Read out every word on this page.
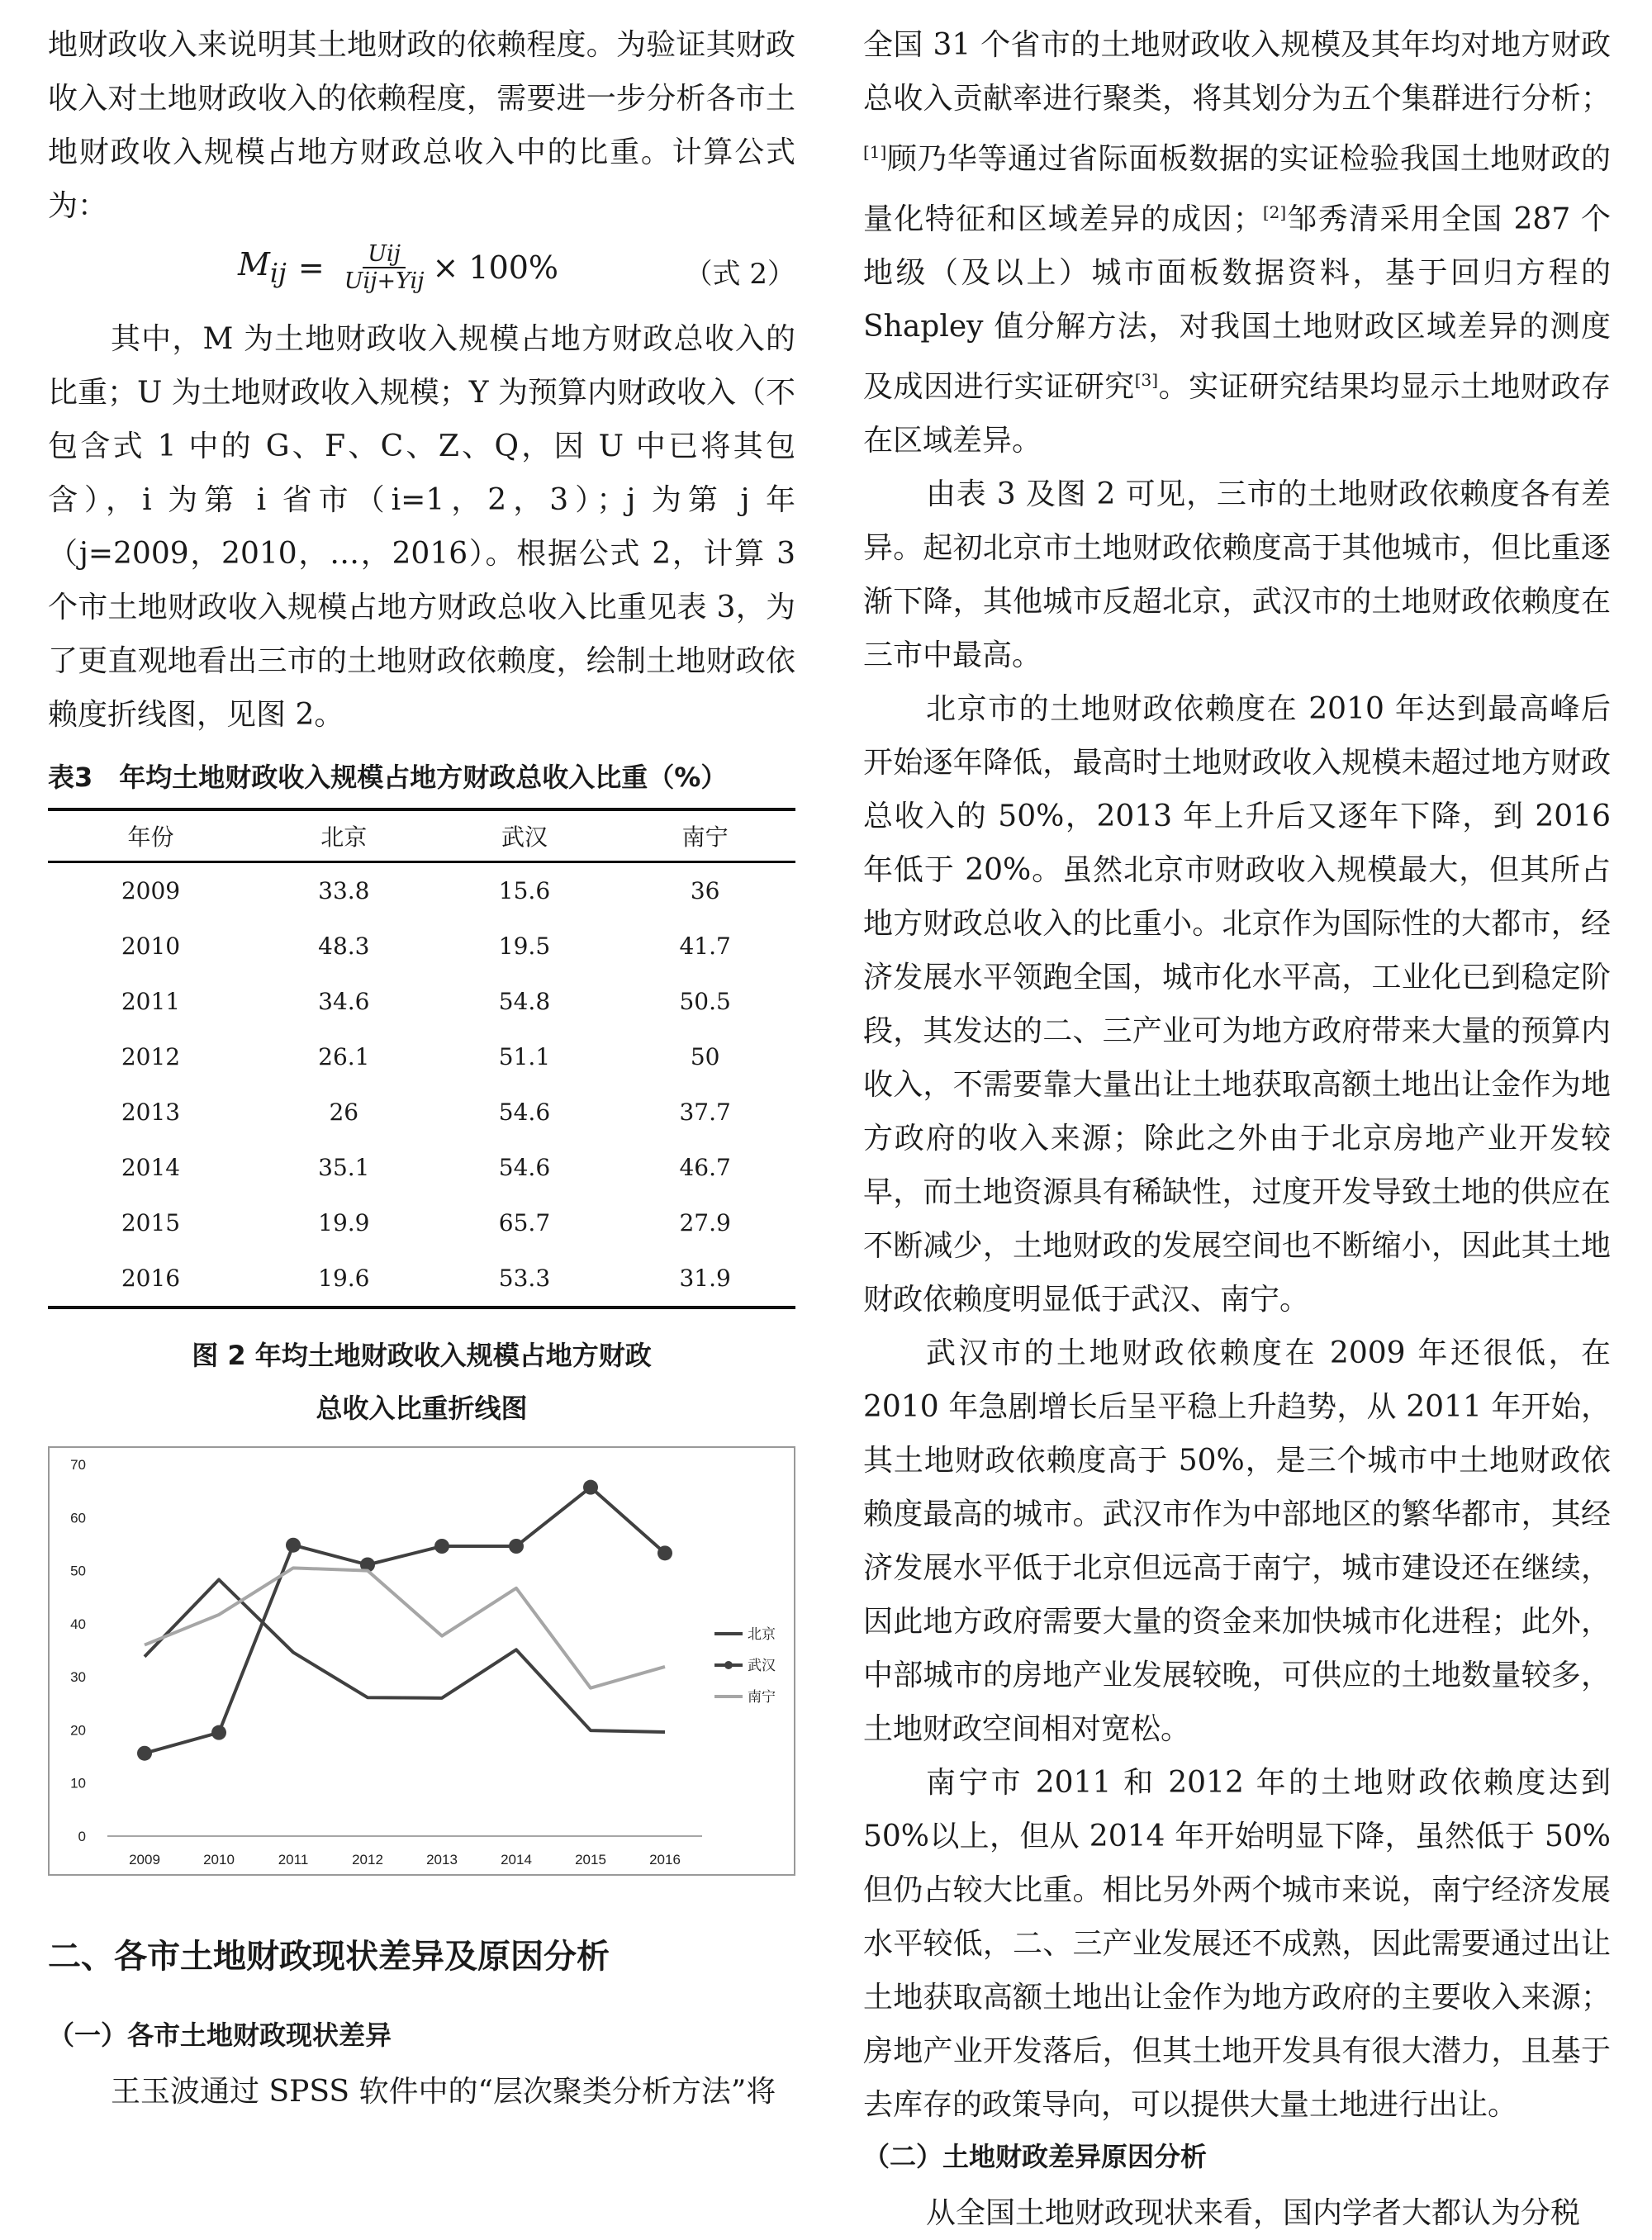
地财政收入来说明其土地财政的依赖程度。为验证其财政收入对土地财政收入的依赖程度，需要进一步分析各市土地财政收入规模占地方财政总收入中的比重。计算公式为：

$M_{ij} = \frac{\text{Uij}}{\text{Uij+Yij}} \times 100\%$	（式 2）

其中，M 为土地财政收入规模占地方财政总收入的比重；U 为土地财政收入规模；Y 为预算内财政收入（不包含式 1 中的 G、F、C、Z、Q，因 U 中已将其包含），i 为第 i 省市（i=1，2，3）；j 为第 j 年（j=2009，2010，…，2016）。根据公式 2，计算 3 个市土地财政收入规模占地方财政总收入比重见表 3，为了更直观地看出三市的土地财政依赖度，绘制土地财政依赖度折线图，见图 2。

表3　年均土地财政收入规模占地方财政总收入比重（%）
年份	北京	武汉	南宁
2009	33.8	15.6	36
2010	48.3	19.5	41.7
2011	34.6	54.8	50.5
2012	26.1	51.1	50
2013	26	54.6	37.7
2014	35.1	54.6	46.7
2015	19.9	65.7	27.9
2016	19.6	53.3	31.9
图 2 年均土地财政收入规模占地方财政
总收入比重折线图
0
10
20
30
40
50
60
70
2009	2010	2011	2012	2013	2014	2015	2016
北京
武汉
南宁
二、各市土地财政现状差异及原因分析
（一）各市土地财政现状差异

王玉波通过 SPSS 软件中的“层次聚类分析方法”将

全国 31 个省市的土地财政收入规模及其年均对地方财政总收入贡献率进行聚类，将其划分为五个集群进行分析；[1]顾乃华等通过省际面板数据的实证检验我国土地财政的量化特征和区域差异的成因；[2]邹秀清采用全国 287 个地级（及以上）城市面板数据资料，基于回归方程的 Shapley 值分解方法，对我国土地财政区域差异的测度及成因进行实证研究[3]。实证研究结果均显示土地财政存在区域差异。

由表 3 及图 2 可见，三市的土地财政依赖度各有差异。起初北京市土地财政依赖度高于其他城市，但比重逐渐下降，其他城市反超北京，武汉市的土地财政依赖度在三市中最高。

北京市的土地财政依赖度在 2010 年达到最高峰后开始逐年降低，最高时土地财政收入规模未超过地方财政总收入的 50%，2013 年上升后又逐年下降，到 2016 年低于 20%。虽然北京市财政收入规模最大，但其所占地方财政总收入的比重小。北京作为国际性的大都市，经济发展水平领跑全国，城市化水平高，工业化已到稳定阶段，其发达的二、三产业可为地方政府带来大量的预算内收入，不需要靠大量出让土地获取高额土地出让金作为地方政府的收入来源；除此之外由于北京房地产业开发较早，而土地资源具有稀缺性，过度开发导致土地的供应在不断减少，土地财政的发展空间也不断缩小，因此其土地财政依赖度明显低于武汉、南宁。

武汉市的土地财政依赖度在 2009 年还很低，在 2010 年急剧增长后呈平稳上升趋势，从 2011 年开始，其土地财政依赖度高于 50%，是三个城市中土地财政依赖度最高的城市。武汉市作为中部地区的繁华都市，其经济发展水平低于北京但远高于南宁，城市建设还在继续，因此地方政府需要大量的资金来加快城市化进程；此外，中部城市的房地产业发展较晚，可供应的土地数量较多，土地财政空间相对宽松。

南宁市 2011 和 2012 年的土地财政依赖度达到 50%以上，但从 2014 年开始明显下降，虽然低于 50%但仍占较大比重。相比另外两个城市来说，南宁经济发展水平较低，二、三产业发展还不成熟，因此需要通过出让土地获取高额土地出让金作为地方政府的主要收入来源；房地产业开发落后，但其土地开发具有很大潜力，且基于去库存的政策导向，可以提供大量土地进行出让。

（二）土地财政差异原因分析

从全国土地财政现状来看，国内学者大都认为分税
